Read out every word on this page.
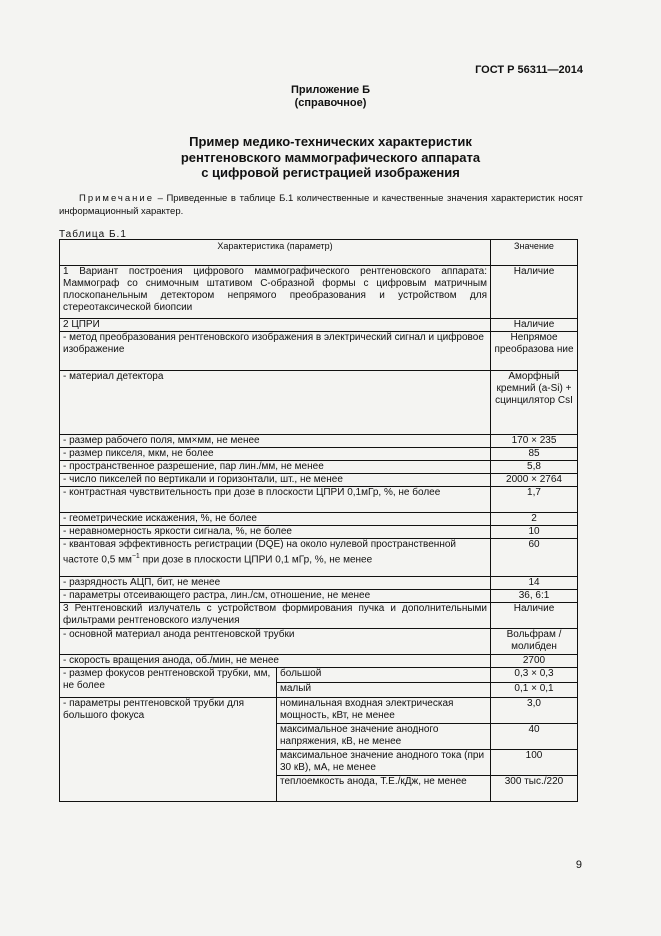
ГОСТ Р 56311—2014
Приложение Б
(справочное)
Пример медико-технических характеристик
рентгеновского маммографического аппарата
с цифровой регистрацией изображения
Примечание – Приведенные в таблице Б.1 количественные и качественные значения характеристик носят информационный характер.
Таблица Б.1
Характеристика (параметр)		Значение
1 Вариант построения цифрового маммографического рентгеновского аппарата: Маммограф со снимочным штативом С-образной формы с цифровым матричным плоскопанельным детектором непрямого преобразования и устройством для стереотаксической биопсии		Наличие
2 ЦПРИ		Наличие
- метод преобразования рентгеновского изображения в электрический сигнал и цифровое изображение		Непрямое преобразова ние
- материал детектора		Аморфный кремний (a-Si) + сцинцилятор CsI
- размер рабочего поля, мм×мм, не менее		170 × 235
- размер пикселя, мкм, не более		85
- пространственное разрешение, пар лин./мм, не менее		5,8
- число пикселей по вертикали и горизонтали, шт., не менее		2000 × 2764
- контрастная чувствительность при дозе в плоскости ЦПРИ 0,1мГр, %, не более		1,7
- геометрические искажения, %, не более		2
- неравномерность яркости сигнала, %, не более		10
- квантовая эффективность регистрации (DQE) на около нулевой пространственной частоте 0,5 $мм^{-1}$ при дозе в плоскости ЦПРИ 0,1 мГр, %, не менее		60
- разрядность АЦП, бит, не менее		14
- параметры отсеивающего растра, лин./см, отношение, не менее		36, 6:1
3 Рентгеновский излучатель с устройством формирования пучка и дополнительными фильтрами рентгеновского излучения		Наличие
- основной материал анода рентгеновской трубки		Вольфрам / молибден
- скорость вращения анода, об./мин, не менее		2700
- размер фокусов рентгеновской трубки, мм, не более	большой	0,3 × 0,3
	малый	0,1 × 0,1
- параметры рентгеновской трубки для большого фокуса	номинальная входная электрическая мощность, кВт, не менее	3,0
	максимальное значение анодного напряжения, кВ, не менее	40
	максимальное значение анодного тока (при 30 кВ), мА, не менее	100
	теплоемкость анода, Т.Е./кДж, не менее	300 тыс./220
9
